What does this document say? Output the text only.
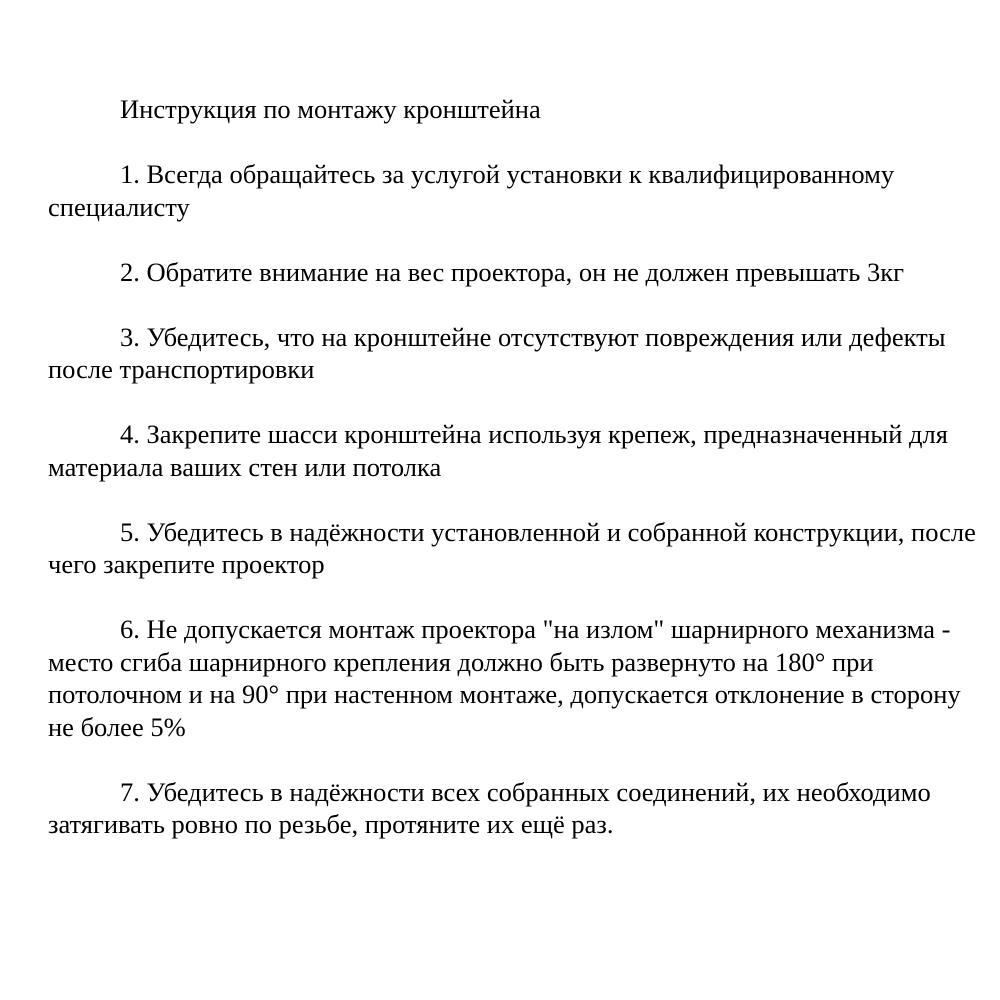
Инструкция по монтажу кронштейна

1. Всегда обращайтесь за услугой установки к квалифицированному специалисту

2. Обратите внимание на вес проектора, он не должен превышать 3кг

3. Убедитесь, что на кронштейне отсутствуют повреждения или дефекты после транспортировки

4. Закрепите шасси кронштейна используя крепеж, предназначенный для материала ваших стен или потолка

5. Убедитесь в надёжности установленной и собранной конструкции, после чего закрепите проектор

6. Не допускается монтаж проектора "на излом" шарнирного механизма - место сгиба шарнирного крепления должно быть развернуто на 180° при потолочном и на 90° при настенном монтаже, допускается отклонение в сторону не более 5%

7. Убедитесь в надёжности всех собранных соединений, их необходимо затягивать ровно по резьбе, протяните их ещё раз.
